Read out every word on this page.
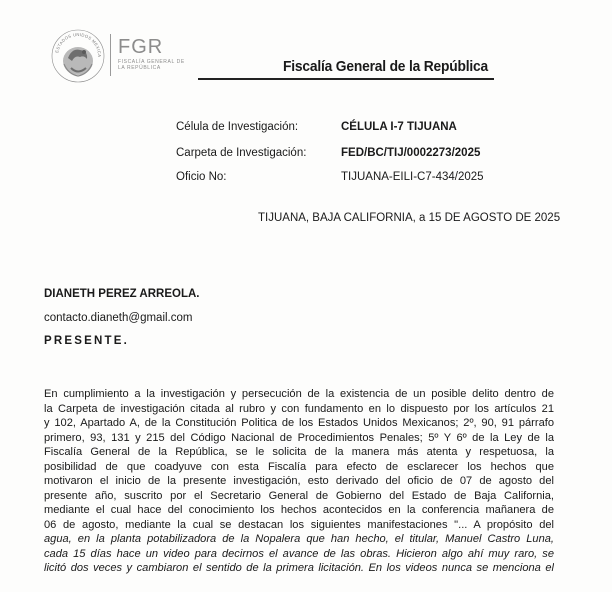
ESTADOS UNIDOS MEXICA FGR
FISCALÍA GENERAL DE LA REPÚBLICA	Fiscalía General de la República
Célula de Investigación:	CÉLULA I-7 TIJUANA
Carpeta de Investigación:	FED/BC/TIJ/0002273/2025
Oficio No:	TIJUANA-EILI-C7-434/2025
TIJUANA, BAJA CALIFORNIA, a 15 DE AGOSTO DE 2025
DIANETH PEREZ ARREOLA.
contacto.dianeth@gmail.com
PRESENTE.
En cumplimiento a la investigación y persecución de la existencia de un posible delito dentro de
la Carpeta de investigación citada al rubro y con fundamento en lo dispuesto por los artículos 21
y 102, Apartado A, de la Constitución Politica de los Estados Unidos Mexicanos; 2º, 90, 91 párrafo
primero, 93, 131 y 215 del Código Nacional de Procedimientos Penales; 5º Y 6º de la Ley de la
Fiscalía General de la República, se le solicita de la manera más atenta y respetuosa, la
posibilidad de que coadyuve con esta Fiscalía para efecto de esclarecer los hechos que
motivaron el inicio de la presente investigación, esto derivado del oficio de 07 de agosto del
presente año, suscrito por el Secretario General de Gobierno del Estado de Baja California,
mediante el cual hace del conocimiento los hechos acontecidos en la conferencia mañanera de
06 de agosto, mediante la cual se destacan los siguientes manifestaciones "... A propósito del
agua, en la planta potabilizadora de la Nopalera que han hecho, el titular, Manuel Castro Luna,
cada 15 días hace un video para decirnos el avance de las obras. Hicieron algo ahí muy raro, se
licitó dos veces y cambiaron el sentido de la primera licitación. En los videos nunca se menciona el
